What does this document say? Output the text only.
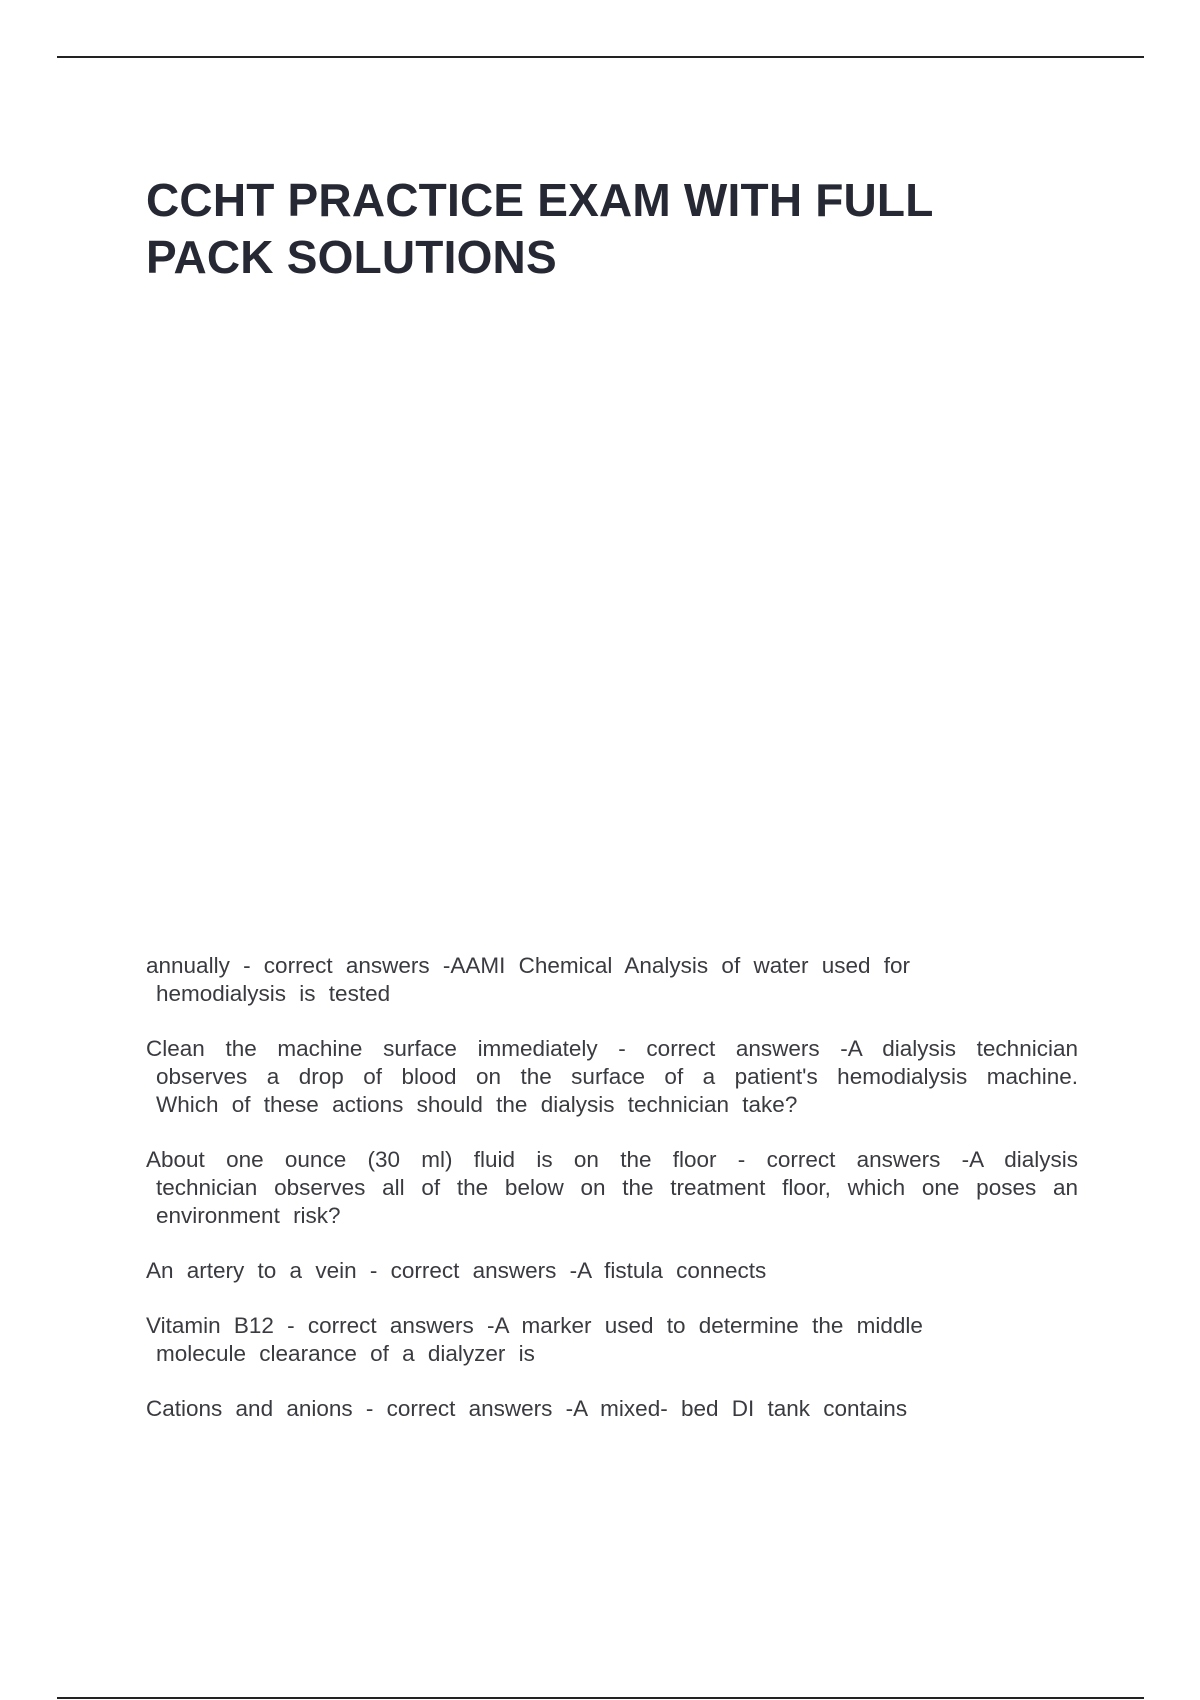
CCHT PRACTICE EXAM WITH FULL PACK SOLUTIONS
annually - correct answers -AAMI Chemical Analysis of water used for hemodialysis is tested
Clean the machine surface immediately - correct answers -A dialysis technician observes a drop of blood on the surface of a patient's hemodialysis machine. Which of these actions should the dialysis technician take?
About one ounce (30 ml) fluid is on the floor - correct answers -A dialysis technician observes all of the below on the treatment floor, which one poses an environment risk?
An artery to a vein - correct answers -A fistula connects
Vitamin B12 - correct answers -A marker used to determine the middle molecule clearance of a dialyzer is
Cations and anions - correct answers -A mixed- bed DI tank contains
